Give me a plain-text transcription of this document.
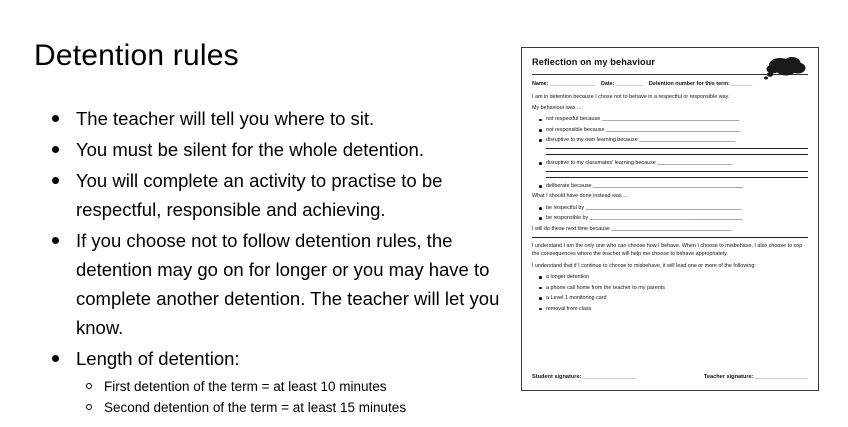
Detention rules
The teacher will tell you where to sit.
You must be silent for the whole detention.
You will complete an activity to practise to be respectful, responsible and achieving.
If you choose not to follow detention rules, the detention may go on for longer or you may have to complete another detention. The teacher will let you know.
Length of detention:
First detention of the term = at least 10 minutes
Second detention of the term = at least 15 minutes
Reflection on my behaviour
Name: _______________ Date: _________ Detention number for this term: _______
I am in detention because I chose not to behave in a respectful or responsible way.
My behaviour was ...
not respectful because ______________________________________________
not responsible because _____________________________________________
disruptive to my own learning because ________________________________
disruptive to my classmates' learning because _________________________
deliberate because __________________________________________________
What I should have done instead was ...
be respectful by ____________________________________________________
be responsible by ___________________________________________________
I will do these next time because ________________________________________
I understand I am the only one who can choose how I behave. When I choose to misbehave, I also choose to cop the consequences where the teacher will help me choose to behave appropriately.
I understand that if I continue to choose to misbehave, it will lead one or more of the following:
a longer detention
a phone call home from the teacher to my parents
a Level 1 monitoring card
removal from class
Student signature: _________________	Teacher signature: _________________
